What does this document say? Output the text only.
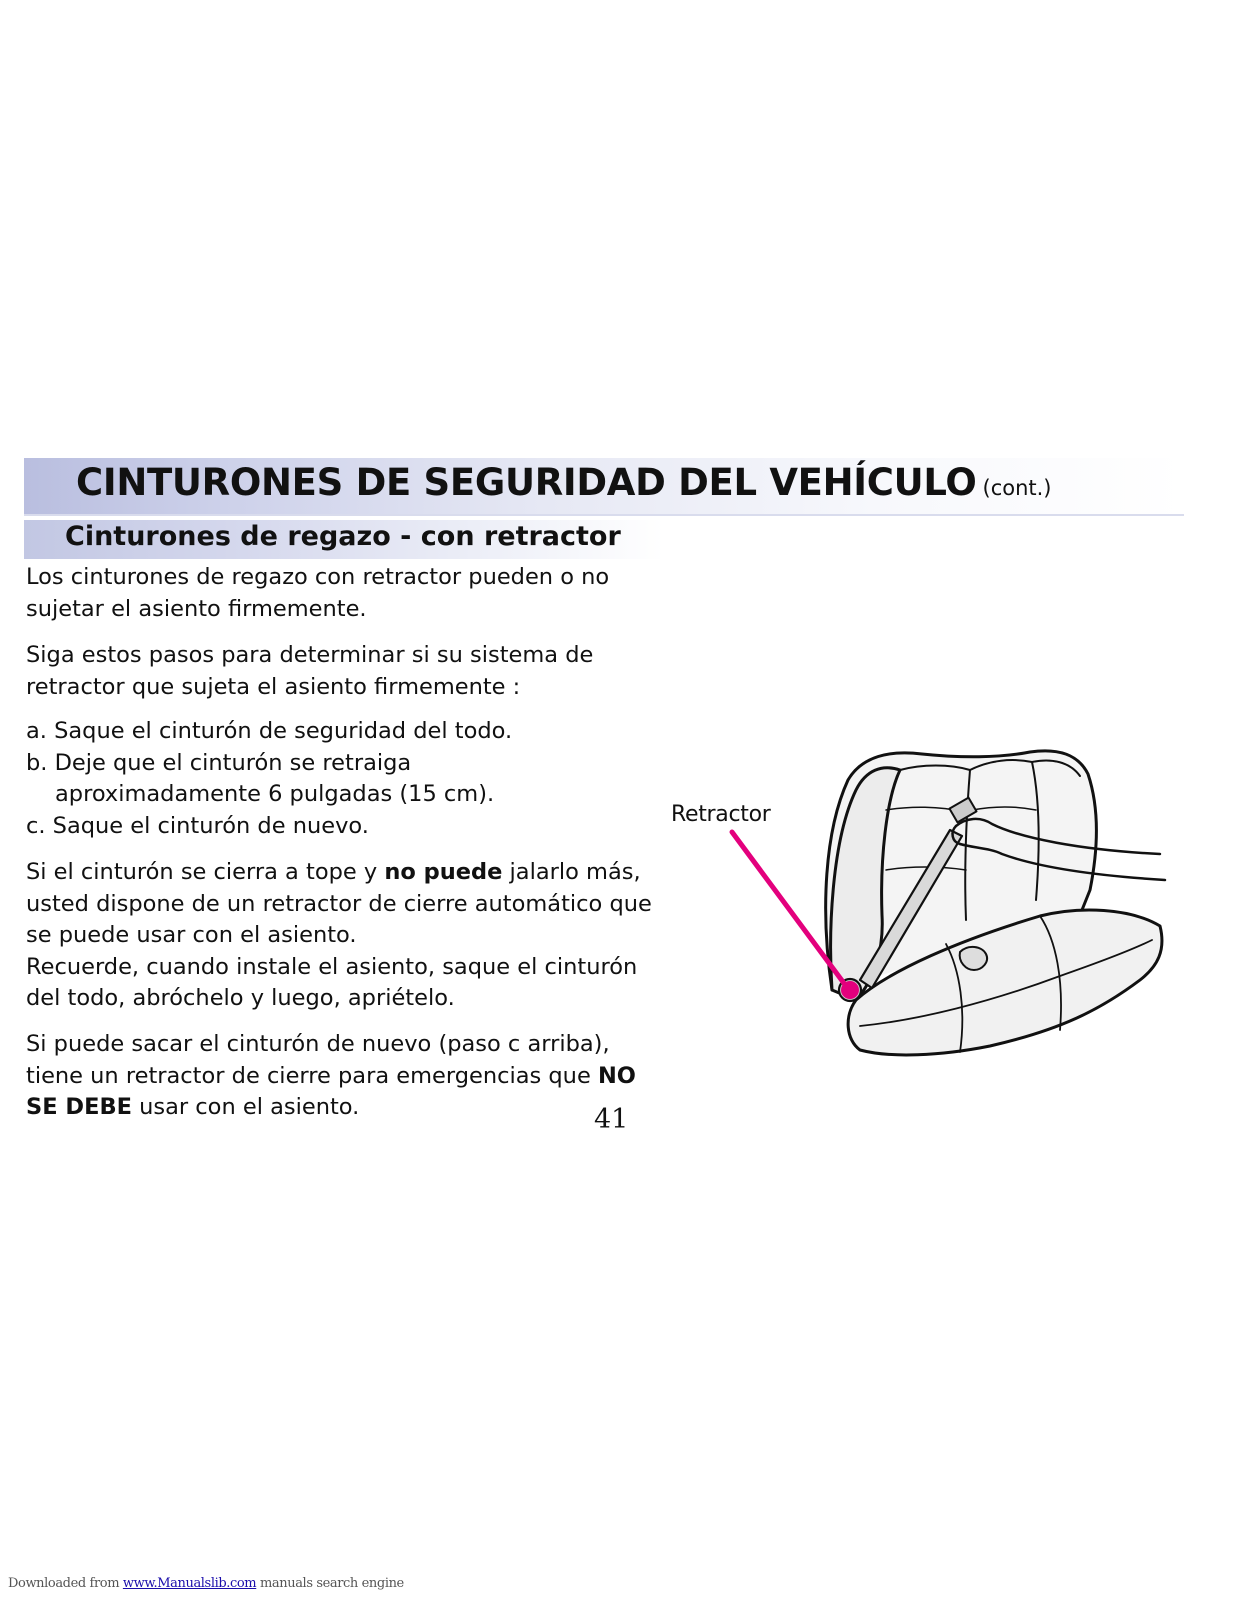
CINTURONES DE SEGURIDAD DEL VEHÍCULO (cont.)
Cinturones de regazo - con retractor

Los cinturones de regazo con retractor pueden o no sujetar el asiento firmemente.

Siga estos pasos para determinar si su sistema de retractor que sujeta el asiento firmemente :

a. Saque el cinturón de seguridad del todo.
b. Deje que el cinturón se retraiga
aproximadamente 6 pulgadas (15 cm).
c. Saque el cinturón de nuevo.
Si el cinturón se cierra a tope y no puede jalarlo más, usted dispone de un retractor de cierre automático que se puede usar con el asiento.
Recuerde, cuando instale el asiento, saque el cinturón del todo, abróchelo y luego, apriételo.
Si puede sacar el cinturón de nuevo (paso c arriba), tiene un retractor de cierre para emergencias que NO SE DEBE usar con el asiento.	41
Retractor
Downloaded from www.Manualslib.com manuals search engine
